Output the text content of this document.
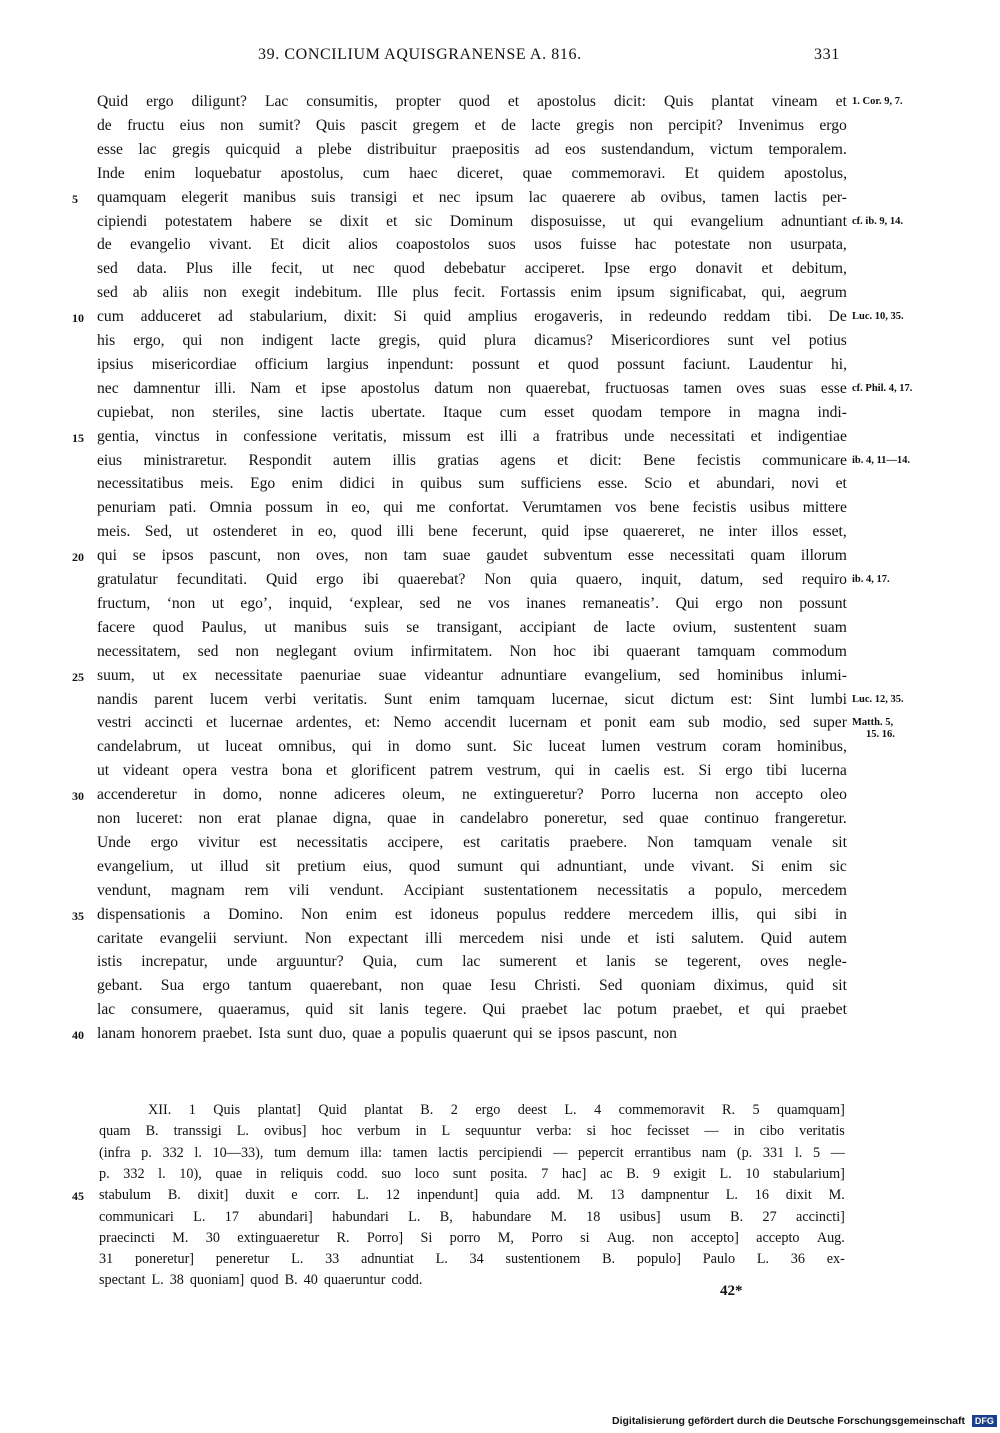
39. CONCILIUM AQUISGRANENSE A. 816.	331
Quid ergo diligunt? Lac consumitis, propter quod et apostolus dicit: Quis plantat vineam et
de fructu eius non sumit? Quis pascit gregem et de lacte gregis non percipit? Invenimus ergo
esse lac gregis quicquid a plebe distribuitur praepositis ad eos sustendandum, victum temporalem.
Inde enim loquebatur apostolus, cum haec diceret, quae commemoravi. Et quidem apostolus,
quamquam elegerit manibus suis transigi et nec ipsum lac quaerere ab ovibus, tamen lactis per-
cipiendi potestatem habere se dixit et sic Dominum disposuisse, ut qui evangelium adnuntiant
de evangelio vivant. Et dicit alios coapostolos suos usos fuisse hac potestate non usurpata,
sed data. Plus ille fecit, ut nec quod debebatur acciperet. Ipse ergo donavit et debitum,
sed ab aliis non exegit indebitum. Ille plus fecit. Fortassis enim ipsum significabat, qui, aegrum
cum adduceret ad stabularium, dixit: Si quid amplius erogaveris, in redeundo reddam tibi. De
his ergo, qui non indigent lacte gregis, quid plura dicamus? Misericordiores sunt vel potius
ipsius misericordiae officium largius inpendunt: possunt et quod possunt faciunt. Laudentur hi,
nec damnentur illi. Nam et ipse apostolus datum non quaerebat, fructuosas tamen oves suas esse
cupiebat, non steriles, sine lactis ubertate. Itaque cum esset quodam tempore in magna indi-
gentia, vinctus in confessione veritatis, missum est illi a fratribus unde necessitati et indigentiae
eius ministraretur. Respondit autem illis gratias agens et dicit: Bene fecistis communicare
necessitatibus meis. Ego enim didici in quibus sum sufficiens esse. Scio et abundari, novi et
penuriam pati. Omnia possum in eo, qui me confortat. Verumtamen vos bene fecistis usibus mittere
meis. Sed, ut ostenderet in eo, quod illi bene fecerunt, quid ipse quaereret, ne inter illos esset,
qui se ipsos pascunt, non oves, non tam suae gaudet subventum esse necessitati quam illorum
gratulatur fecunditati. Quid ergo ibi quaerebat? Non quia quaero, inquit, datum, sed requiro
fructum, ‘non ut ego’, inquid, ‘explear, sed ne vos inanes remaneatis’. Qui ergo non possunt
facere quod Paulus, ut manibus suis se transigant, accipiant de lacte ovium, sustentent suam
necessitatem, sed non neglegant ovium infirmitatem. Non hoc ibi quaerant tamquam commodum
suum, ut ex necessitate paenuriae suae videantur adnuntiare evangelium, sed hominibus inlumi-
nandis parent lucem verbi veritatis. Sunt enim tamquam lucernae, sicut dictum est: Sint lumbi
vestri accincti et lucernae ardentes, et: Nemo accendit lucernam et ponit eam sub modio, sed super
candelabrum, ut luceat omnibus, qui in domo sunt. Sic luceat lumen vestrum coram hominibus,
ut videant opera vestra bona et glorificent patrem vestrum, qui in caelis est. Si ergo tibi lucerna
accenderetur in domo, nonne adiceres oleum, ne extingueretur? Porro lucerna non accepto oleo
non luceret: non erat planae digna, quae in candelabro poneretur, sed quae continuo frangeretur.
Unde ergo vivitur est necessitatis accipere, est caritatis praebere. Non tamquam venale sit
evangelium, ut illud sit pretium eius, quod sumunt qui adnuntiant, unde vivant. Si enim sic
vendunt, magnam rem vili vendunt. Accipiant sustentationem necessitatis a populo, mercedem
dispensationis a Domino. Non enim est idoneus populus reddere mercedem illis, qui sibi in
caritate evangelii serviunt. Non expectant illi mercedem nisi unde et isti salutem. Quid autem
istis increpatur, unde arguuntur? Quia, cum lac sumerent et lanis se tegerent, oves negle-
gebant. Sua ergo tantum quaerebant, non quae Iesu Christi. Sed quoniam diximus, quid sit
lac consumere, quaeramus, quid sit lanis tegere. Qui praebet lac potum praebet, et qui praebet
lanam honorem praebet. Ista sunt duo, quae a populis quaerunt qui se ipsos pascunt, non
5
10
15
20
25
30
35
40
1. Cor. 9, 7.
cf. ib. 9, 14.
Luc. 10, 35.
cf. Phil. 4, 17.
ib. 4, 11—14.
ib. 4, 17.
Luc. 12, 35.
Matth. 5,
15. 16.
XII. 1 Quis plantat] Quid plantat B. 2 ergo deest L. 4 commemoravit R. 5 quamquam]
quam B. transsigi L. ovibus] hoc verbum in L sequuntur verba: si hoc fecisset — in cibo veritatis
(infra p. 332 l. 10—33), tum demum illa: tamen lactis percipiendi — pepercit errantibus nam (p. 331 l. 5 —
p. 332 l. 10), quae in reliquis codd. suo loco sunt posita. 7 hac] ac B. 9 exigit L. 10 stabularium]
stabulum B. dixit] duxit e corr. L. 12 inpendunt] quia add. M. 13 dampnentur L. 16 dixit M.
communicari L. 17 abundari] habundari L. B, habundare M. 18 usibus] usum B. 27 accincti]
praecincti M. 30 extinguaeretur R. Porro] Si porro M, Porro si Aug. non accepto] accepto Aug.
31 poneretur] peneretur L. 33 adnuntiat L. 34 sustentionem B. populo] Paulo L. 36 ex-
spectant L. 38 quoniam] quod B. 40 quaeruntur codd.
45
42*
Digitalisierung gefördert durch die Deutsche Forschungsgemeinschaft DFG
